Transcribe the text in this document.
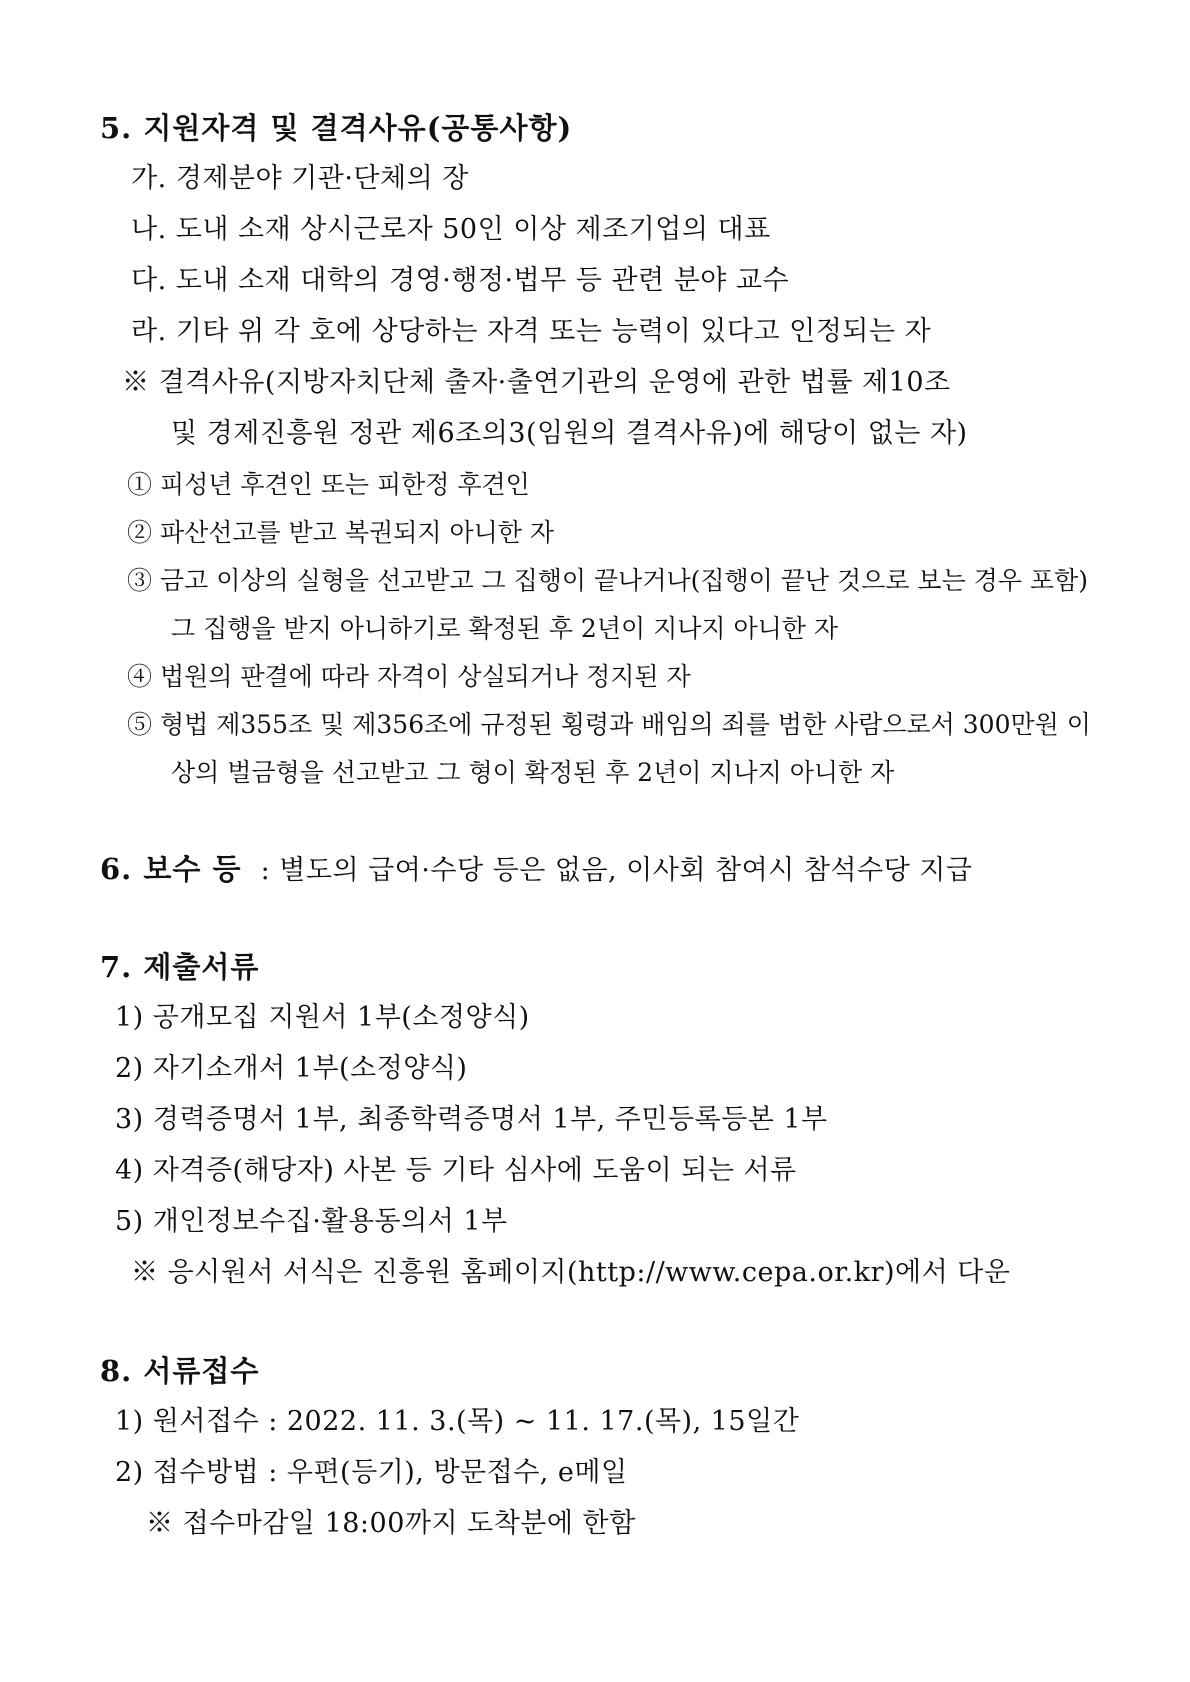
5. 지원자격 및 결격사유(공통사항)
가. 경제분야 기관·단체의 장
나. 도내 소재 상시근로자 50인 이상 제조기업의 대표
다. 도내 소재 대학의 경영·행정·법무 등 관련 분야 교수
라. 기타 위 각 호에 상당하는 자격 또는 능력이 있다고 인정되는 자
※ 결격사유(지방자치단체 출자·출연기관의 운영에 관한 법률 제10조
및 경제진흥원 정관 제6조의3(임원의 결격사유)에 해당이 없는 자)
① 피성년 후견인 또는 피한정 후견인
② 파산선고를 받고 복권되지 아니한 자
③ 금고 이상의 실형을 선고받고 그 집행이 끝나거나(집행이 끝난 것으로 보는 경우 포함)
그 집행을 받지 아니하기로 확정된 후 2년이 지나지 아니한 자
④ 법원의 판결에 따라 자격이 상실되거나 정지된 자
⑤ 형법 제355조 및 제356조에 규정된 횡령과 배임의 죄를 범한 사람으로서 300만원 이
상의 벌금형을 선고받고 그 형이 확정된 후 2년이 지나지 아니한 자
6. 보수 등 : 별도의 급여·수당 등은 없음, 이사회 참여시 참석수당 지급
7. 제출서류
1) 공개모집 지원서 1부(소정양식)
2) 자기소개서 1부(소정양식)
3) 경력증명서 1부, 최종학력증명서 1부, 주민등록등본 1부
4) 자격증(해당자) 사본 등 기타 심사에 도움이 되는 서류
5) 개인정보수집·활용동의서 1부
※ 응시원서 서식은 진흥원 홈페이지(http://www.cepa.or.kr)에서 다운
8. 서류접수
1) 원서접수 : 2022. 11. 3.(목) ~ 11. 17.(목), 15일간
2) 접수방법 : 우편(등기), 방문접수, e메일
※ 접수마감일 18:00까지 도착분에 한함
